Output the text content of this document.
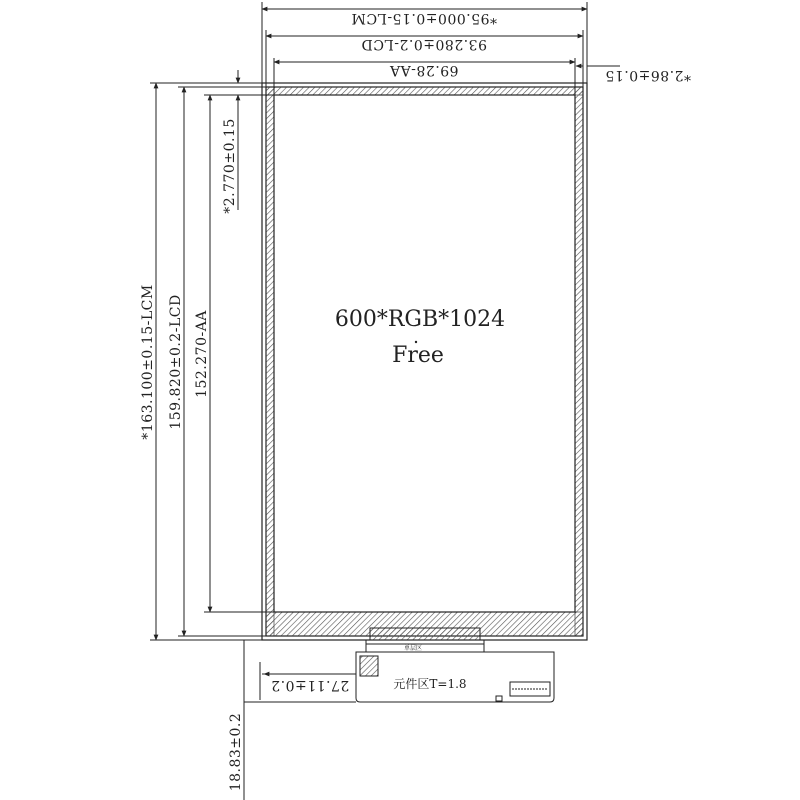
600*RGB*1024
Free
单层区
元件区T=1.8
*95.000±0.15-LCM
93.280±0.2-LCD
69.28-AA	*2.86±0.15
*163.100±0.15-LCM 159.820±0.2-LCD 152.270-AA
*2.770±0.15
27.11±0.2
18.83±0.2
